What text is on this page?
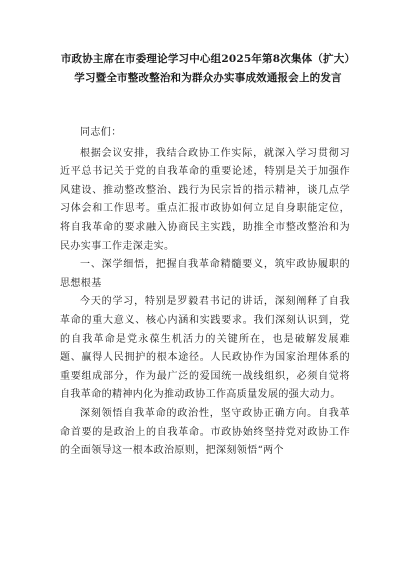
市政协主席在市委理论学习中心组2025年第8次集体（扩大）学习暨全市整改整治和为群众办实事成效通报会上的发言

同志们：

根据会议安排，我结合政协工作实际，就深入学习贯彻习近平总书记关于党的自我革命的重要论述，特别是关于加强作风建设、推动整改整治、践行为民宗旨的指示精神，谈几点学习体会和工作思考。重点汇报市政协如何立足自身职能定位，将自我革命的要求融入协商民主实践，助推全市整改整治和为民办实事工作走深走实。

一、深学细悟，把握自我革命精髓要义，筑牢政协履职的思想根基

今天的学习，特别是罗毅君书记的讲话，深刻阐释了自我革命的重大意义、核心内涵和实践要求。我们深刻认识到，党的自我革命是党永葆生机活力的关键所在，也是破解发展难题、赢得人民拥护的根本途径。人民政协作为国家治理体系的重要组成部分，作为最广泛的爱国统一战线组织，必须自觉将自我革命的精神内化为推动政协工作高质量发展的强大动力。

深刻领悟自我革命的政治性，坚守政协正确方向。自我革命首要的是政治上的自我革命。市政协始终坚持党对政协工作的全面领导这一根本政治原则，把深刻领悟“两个
